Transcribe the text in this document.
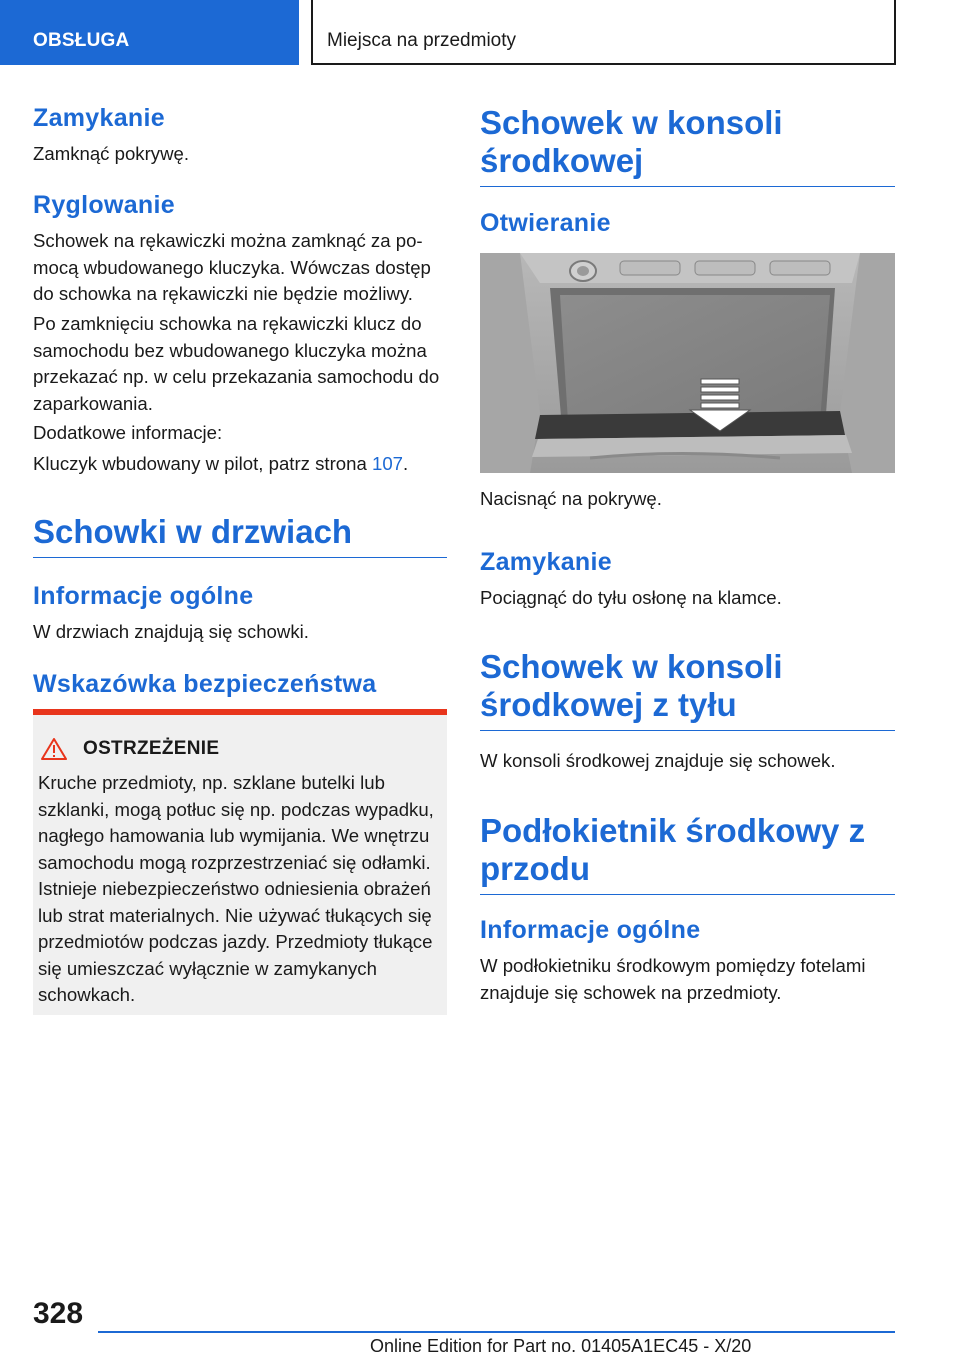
OBSŁUGA	Miejsca na przedmioty
Zamykanie
Zamknąć pokrywę.
Ryglowanie
Schowek na rękawiczki można zamknąć za pomocą wbudowanego kluczyka. Wówczas dostęp do schowka na rękawiczki nie będzie możliwy.
Po zamknięciu schowka na rękawiczki klucz do samochodu bez wbudowanego kluczyka można przekazać np. w celu przekazania samochodu do zaparkowania.
Dodatkowe informacje:
Kluczyk wbudowany w pilot, patrz strona 107.
Schowki w drzwiach
Informacje ogólne
W drzwiach znajdują się schowki.
Wskazówka bezpieczeństwa
OSTRZEŻENIE
Kruche przedmioty, np. szklane butelki lub szklanki, mogą potłuc się np. podczas wypadku, nagłego hamowania lub wymijania. We wnętrzu samochodu mogą rozprzestrzeniać się odłamki. Istnieje niebezpieczeństwo odniesienia obrażeń lub strat materialnych. Nie używać tłukących się przedmiotów podczas jazdy. Przedmioty tłukące się umieszczać wyłącznie w zamykanych schowkach.
Schowek w konsoli środkowej
Otwieranie
Nacisnąć na pokrywę.
Zamykanie
Pociągnąć do tyłu osłonę na klamce.
Schowek w konsoli środkowej z tyłu
W konsoli środkowej znajduje się schowek.
Podłokietnik środkowy z przodu
Informacje ogólne
W podłokietniku środkowym pomiędzy fotelami znajduje się schowek na przedmioty.
328
Online Edition for Part no. 01405A1EC45 - X/20
